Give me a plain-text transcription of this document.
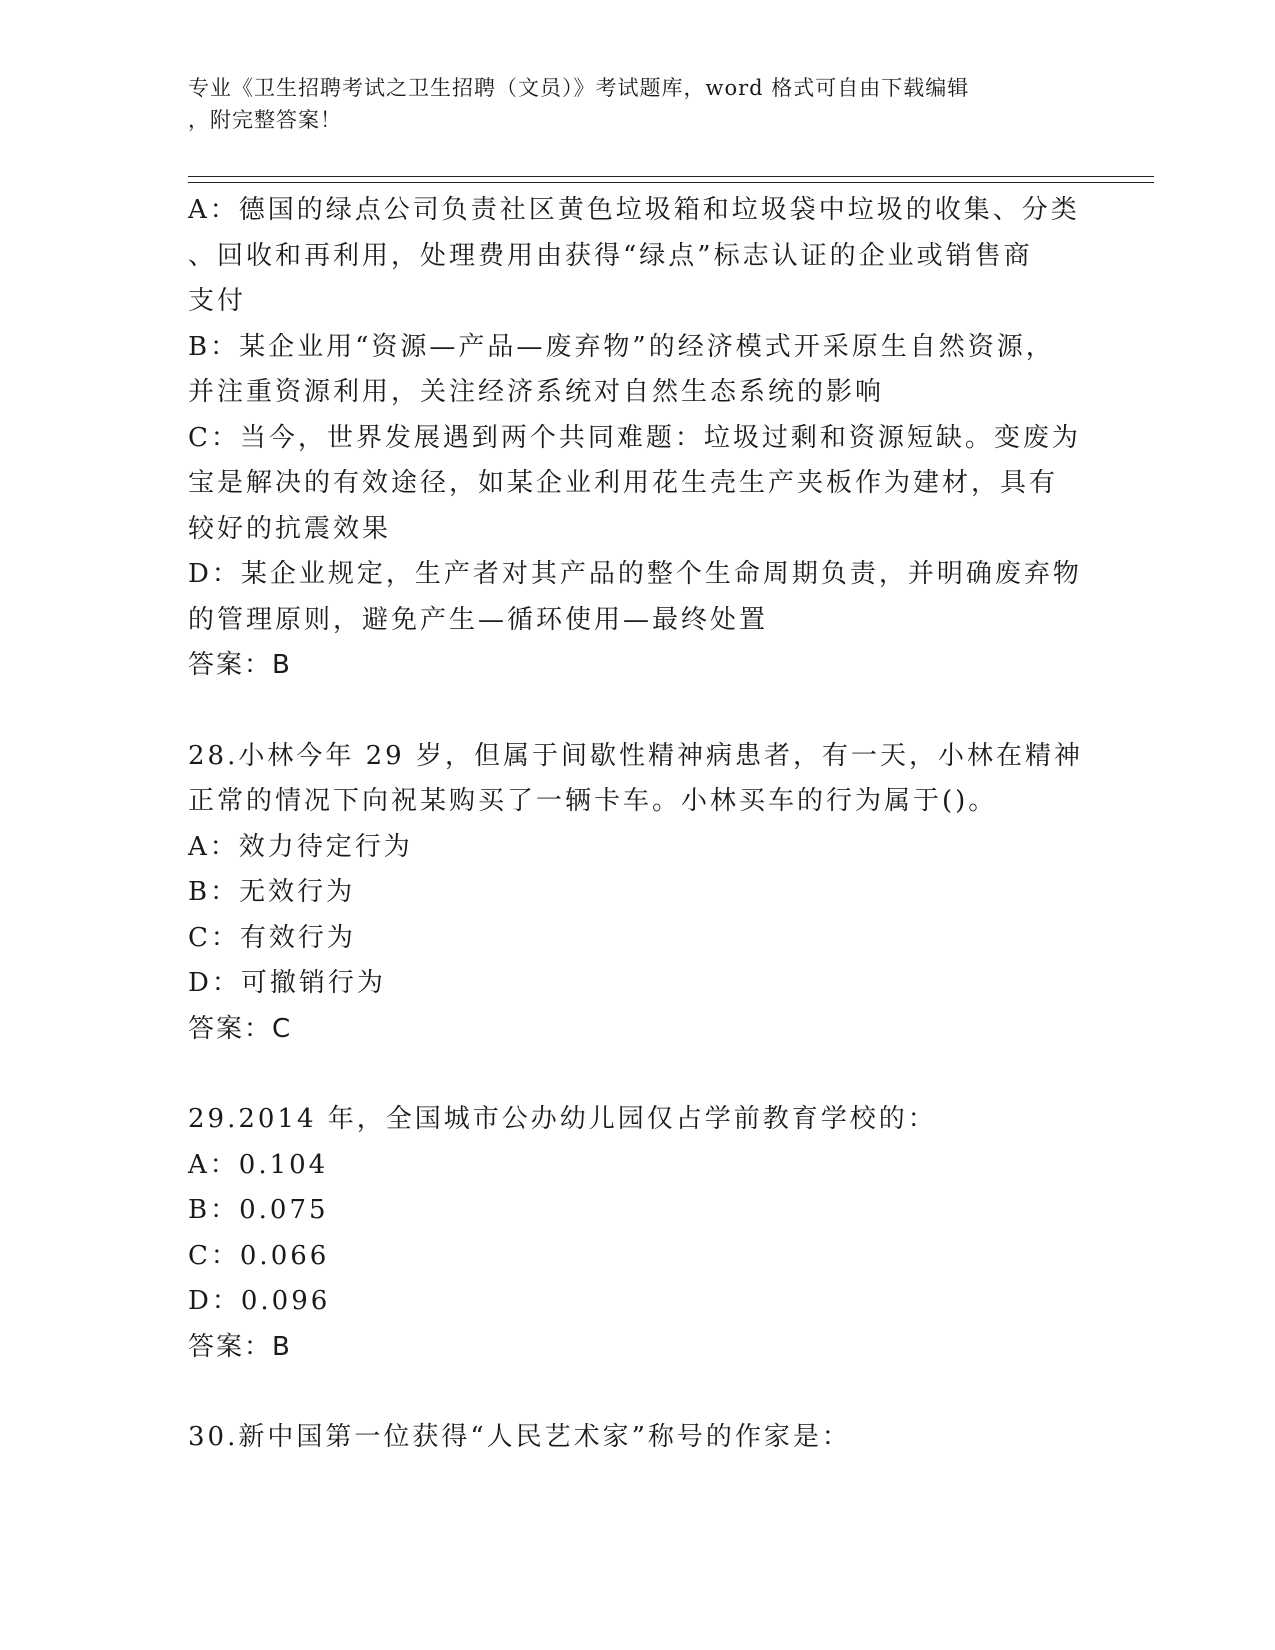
专业《卫生招聘考试之卫生招聘（文员）》考试题库，word 格式可自由下载编辑
，附完整答案！
A：德国的绿点公司负责社区黄色垃圾箱和垃圾袋中垃圾的收集、分类
、回收和再利用，处理费用由获得“绿点”标志认证的企业或销售商
支付
B：某企业用“资源—产品—废弃物”的经济模式开采原生自然资源，
并注重资源利用，关注经济系统对自然生态系统的影响
C：当今，世界发展遇到两个共同难题：垃圾过剩和资源短缺。变废为
宝是解决的有效途径，如某企业利用花生壳生产夹板作为建材，具有
较好的抗震效果
D：某企业规定，生产者对其产品的整个生命周期负责，并明确废弃物
的管理原则，避免产生—循环使用—最终处置
答案：B
28.小林今年 29 岁，但属于间歇性精神病患者，有一天，小林在精神
正常的情况下向祝某购买了一辆卡车。小林买车的行为属于()。
A：效力待定行为
B：无效行为
C：有效行为
D：可撤销行为
答案：C
29.2014 年，全国城市公办幼儿园仅占学前教育学校的：
A：0.104
B：0.075
C：0.066
D：0.096
答案：B
30.新中国第一位获得“人民艺术家”称号的作家是：
